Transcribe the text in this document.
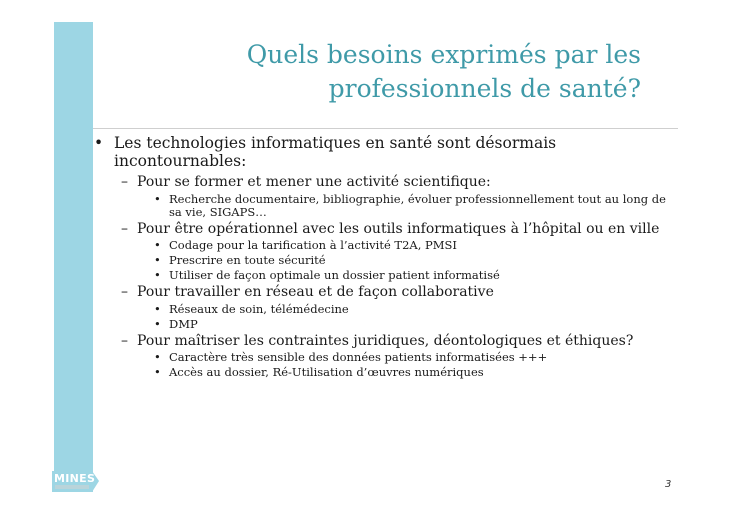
Quels besoins exprimés par les
professionnels de santé?
• Les technologies informatiques en santé sont désormais incontournables:
– Pour se former et mener une activité scientifique:
• Recherche documentaire, bibliographie, évoluer professionnellement tout au long de sa vie, SIGAPS…
– Pour être opérationnel avec les outils informatiques à l’hôpital ou en ville
• Codage pour la tarification à l’activité T2A, PMSI
• Prescrire en toute sécurité
• Utiliser de façon optimale un dossier patient informatisé
– Pour travailler en réseau et de façon collaborative
• Réseaux de soin, télémédecine
• DMP
– Pour maîtriser les contraintes juridiques, déontologiques et éthiques?
• Caractère très sensible des données patients informatisées +++
• Accès au dossier, Ré-Utilisation d’œuvres numériques
MINES	3
